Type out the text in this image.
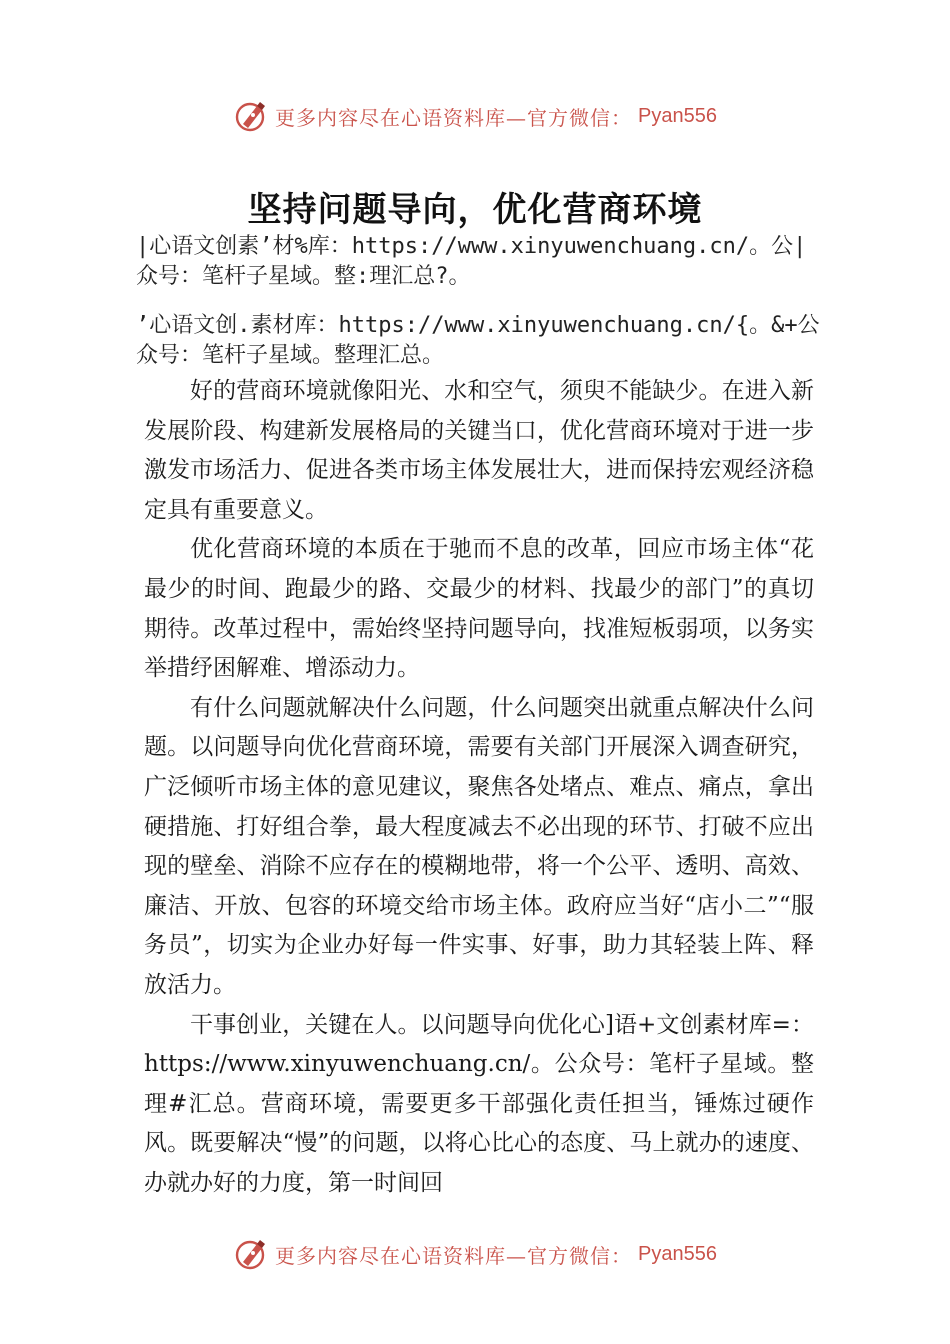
更多内容尽在心语资料库—官方微信： Pyan556
坚持问题导向，优化营商环境

|心语文创素’材%库：https://www.xinyuwenchuang.cn/。公|众号：笔杆子星域。整:理汇总?。

’心语文创.素材库：https://www.xinyuwenchuang.cn/{。&+公众号：笔杆子星域。整理汇总。

好的营商环境就像阳光、水和空气，须臾不能缺少。在进入新发展阶段、构建新发展格局的关键当口，优化营商环境对于进一步激发市场活力、促进各类市场主体发展壮大，进而保持宏观经济稳定具有重要意义。

优化营商环境的本质在于驰而不息的改革，回应市场主体“花最少的时间、跑最少的路、交最少的材料、找最少的部门”的真切期待。改革过程中，需始终坚持问题导向，找准短板弱项，以务实举措纾困解难、增添动力。

有什么问题就解决什么问题，什么问题突出就重点解决什么问题。以问题导向优化营商环境，需要有关部门开展深入调查研究，广泛倾听市场主体的意见建议，聚焦各处堵点、难点、痛点，拿出硬措施、打好组合拳，最大程度减去不必出现的环节、打破不应出现的壁垒、消除不应存在的模糊地带，将一个公平、透明、高效、廉洁、开放、包容的环境交给市场主体。政府应当好“店小二”“服务员”，切实为企业办好每一件实事、好事，助力其轻装上阵、释放活力。

干事创业，关键在人。以问题导向优化心]语+文创素材库=：https://www.xinyuwenchuang.cn/。公众号：笔杆子星域。整理#汇总。营商环境，需要更多干部强化责任担当，锤炼过硬作风。既要解决“慢”的问题，以将心比心的态度、马上就办的速度、办就办好的力度，第一时间回

更多内容尽在心语资料库—官方微信： Pyan556
